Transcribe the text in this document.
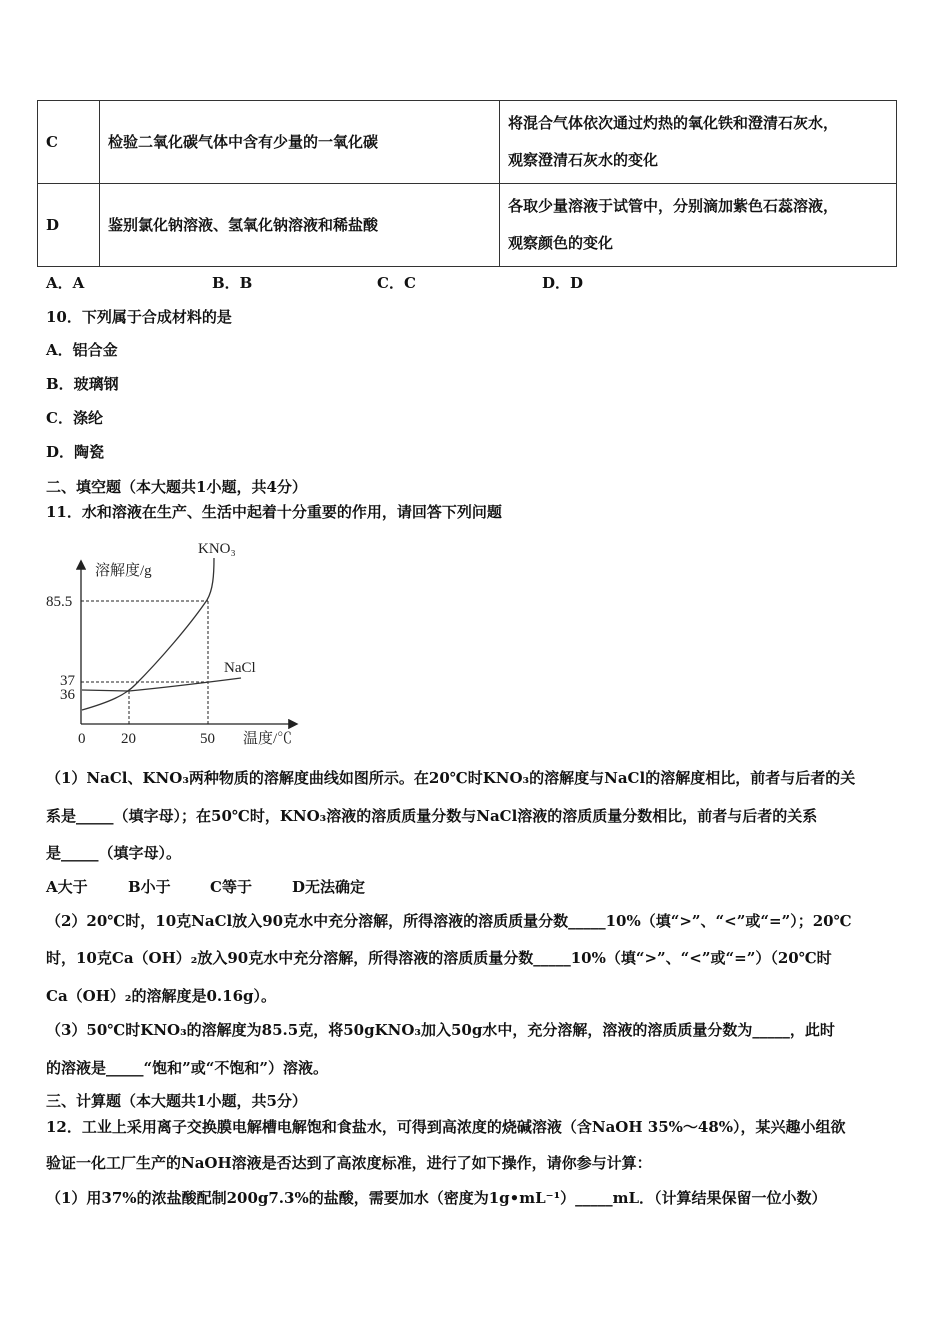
C	检验二氧化碳气体中含有少量的一氧化碳	将混合气体依次通过灼热的氧化铁和澄清石灰水，
观察澄清石灰水的变化

D	鉴别氯化钠溶液、氢氧化钠溶液和稀盐酸	各取少量溶液于试管中，分别滴加紫色石蕊溶液，
观察颜色的变化
A．A	B．B	C．C	D．D
10．下列属于合成材料的是
A．铝合金
B．玻璃钢
C．涤纶
D．陶瓷
二、填空题（本大题共1小题，共4分）
11．水和溶液在生产、生活中起着十分重要的作用，请回答下列问题
溶解度/g
温度/℃
85.5
37
36
0 20	50
KNO₃
NaCl
（1）NaCl、KNO₃两种物质的溶解度曲线如图所示。在20℃时KNO₃的溶解度与NaCl的溶解度相比，前者与后者的关
系是_____（填字母）；在50℃时，KNO₃溶液的溶质质量分数与NaCl溶液的溶质质量分数相比，前者与后者的关系
是_____（填字母）。
A大于	B小于	C等于	D无法确定
（2）20℃时，10克NaCl放入90克水中充分溶解，所得溶液的溶质质量分数_____10%（填“>”、“<”或“=”）；20℃
时，10克Ca（OH）₂放入90克水中充分溶解，所得溶液的溶质质量分数_____10%（填“>”、“<”或“=”）（20℃时
Ca（OH）₂的溶解度是0.16g）。
（3）50℃时KNO₃的溶解度为85.5克，将50gKNO₃加入50g水中，充分溶解，溶液的溶质质量分数为_____，此时
的溶液是_____“饱和”或“不饱和”）溶液。
三、计算题（本大题共1小题，共5分）
12．工业上采用离子交换膜电解槽电解饱和食盐水，可得到高浓度的烧碱溶液（含NaOH 35%～48%），某兴趣小组欲
验证一化工厂生产的NaOH溶液是否达到了高浓度标准，进行了如下操作，请你参与计算：
（1）用37%的浓盐酸配制200g7.3%的盐酸，需要加水（密度为1g•mL⁻¹）_____mL．（计算结果保留一位小数）
